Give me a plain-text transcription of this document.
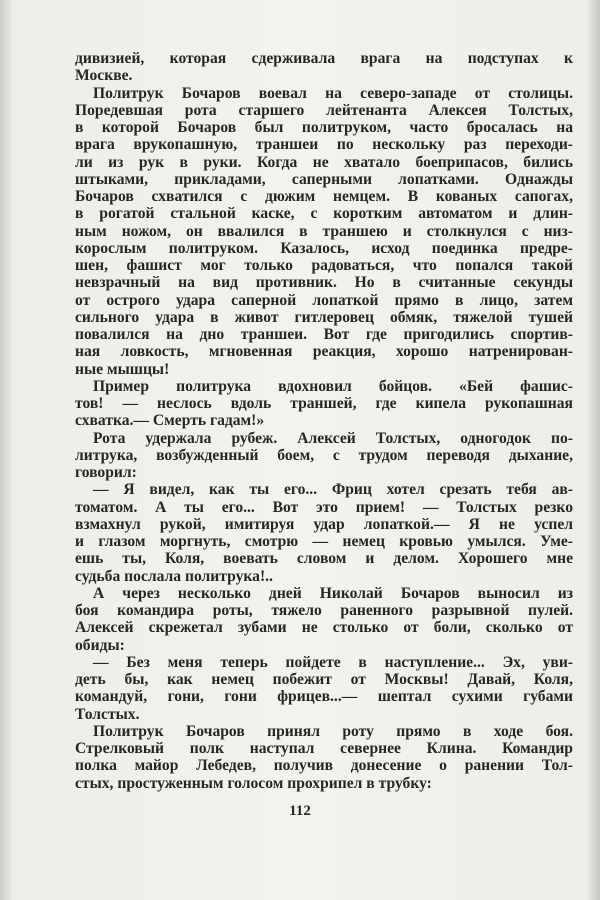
дивизией, которая сдерживала врага на подступах к
Москве.
Политрук Бочаров воевал на северо-западе от столицы.
Поредевшая рота старшего лейтенанта Алексея Толстых,
в которой Бочаров был политруком, часто бросалась на
врага врукопашную, траншеи по нескольку раз переходи-
ли из рук в руки. Когда не хватало боеприпасов, бились
штыками, прикладами, саперными лопатками. Однажды
Бочаров схватился с дюжим немцем. В кованых сапогах,
в рогатой стальной каске, с коротким автоматом и длин-
ным ножом, он ввалился в траншею и столкнулся с низ-
корослым политруком. Казалось, исход поединка предре-
шен, фашист мог только радоваться, что попался такой
невзрачный на вид противник. Но в считанные секунды
от острого удара саперной лопаткой прямо в лицо, затем
сильного удара в живот гитлеровец обмяк, тяжелой тушей
повалился на дно траншеи. Вот где пригодились спортив-
ная ловкость, мгновенная реакция, хорошо натренирован-
ные мышцы!
Пример политрука вдохновил бойцов. «Бей фашис-
тов! — неслось вдоль траншей, где кипела рукопашная
схватка.— Смерть гадам!»
Рота удержала рубеж. Алексей Толстых, одногодок по-
литрука, возбужденный боем, с трудом переводя дыхание,
говорил:
— Я видел, как ты его... Фриц хотел срезать тебя ав-
томатом. А ты его... Вот это прием! — Толстых резко
взмахнул рукой, имитируя удар лопаткой.— Я не успел
и глазом моргнуть, смотрю — немец кровью умылся. Уме-
ешь ты, Коля, воевать словом и делом. Хорошего мне
судьба послала политрука!..
А через несколько дней Николай Бочаров выносил из
боя командира роты, тяжело раненного разрывной пулей.
Алексей скрежетал зубами не столько от боли, сколько от
обиды:
— Без меня теперь пойдете в наступление... Эх, уви-
деть бы, как немец побежит от Москвы! Давай, Коля,
командуй, гони, гони фрицев...— шептал сухими губами
Толстых.
Политрук Бочаров принял роту прямо в ходе боя.
Стрелковый полк наступал севернее Клина. Командир
полка майор Лебедев, получив донесение о ранении Тол-
стых, простуженным голосом прохрипел в трубку:
112
